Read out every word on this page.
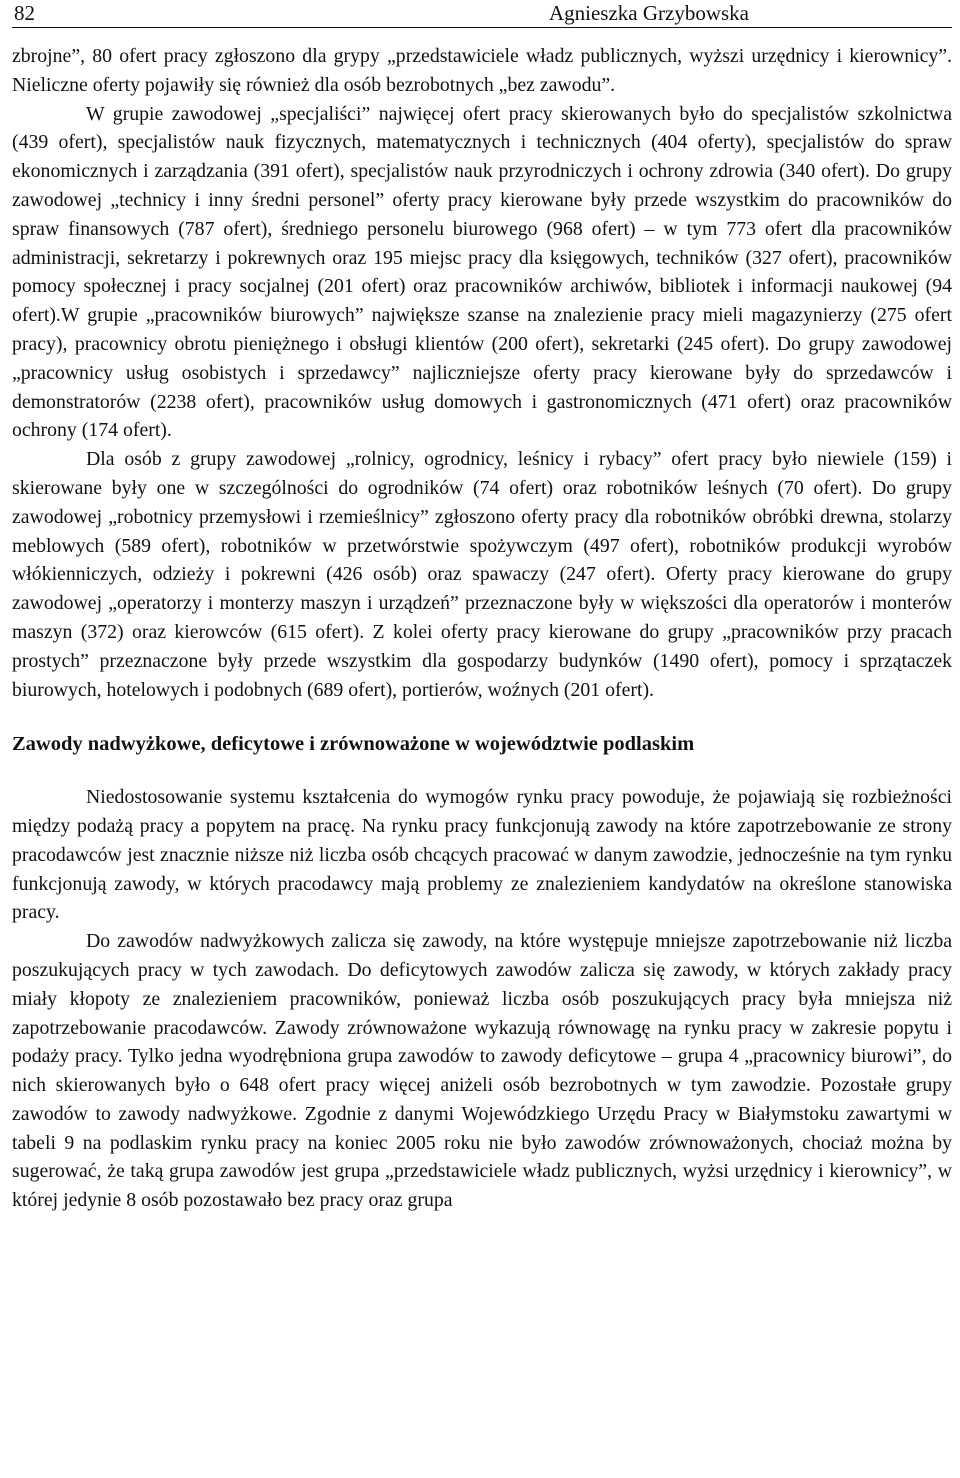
82	Agnieszka Grzybowska

zbrojne”, 80 ofert pracy zgłoszono dla grypy „przedstawiciele władz publicznych, wyższi urzędnicy i kierownicy”. Nieliczne oferty pojawiły się również dla osób bezrobotnych „bez zawodu”.

W grupie zawodowej „specjaliści” najwięcej ofert pracy skierowanych było do specjalistów szkolnictwa (439 ofert), specjalistów nauk fizycznych, matematycznych i technicznych (404 oferty), specjalistów do spraw ekonomicznych i zarządzania (391 ofert), specjalistów nauk przyrodniczych i ochrony zdrowia (340 ofert). Do grupy zawodowej „technicy i inny średni personel” oferty pracy kierowane były przede wszystkim do pracowników do spraw finansowych (787 ofert), średniego personelu biurowego (968 ofert) – w tym 773 ofert dla pracowników administracji, sekretarzy i pokrewnych oraz 195 miejsc pracy dla księgowych, techników (327 ofert), pracowników pomocy społecznej i pracy socjalnej (201 ofert) oraz pracowników archiwów, bibliotek i informacji naukowej (94 ofert).W grupie „pracowników biurowych” największe szanse na znalezienie pracy mieli magazynierzy (275 ofert pracy), pracownicy obrotu pieniężnego i obsługi klientów (200 ofert), sekretarki (245 ofert). Do grupy zawodowej „pracownicy usług osobistych i sprzedawcy” najliczniejsze oferty pracy kierowane były do sprzedawców i demonstratorów (2238 ofert), pracowników usług domowych i gastronomicznych (471 ofert) oraz pracowników ochrony (174 ofert).

Dla osób z grupy zawodowej „rolnicy, ogrodnicy, leśnicy i rybacy” ofert pracy było niewiele (159) i skierowane były one w szczególności do ogrodników (74 ofert) oraz robotników leśnych (70 ofert). Do grupy zawodowej „robotnicy przemysłowi i rzemieślnicy” zgłoszono oferty pracy dla robotników obróbki drewna, stolarzy meblowych (589 ofert), robotników w przetwórstwie spożywczym (497 ofert), robotników produkcji wyrobów włókienniczych, odzieży i pokrewni (426 osób) oraz spawaczy (247 ofert). Oferty pracy kierowane do grupy zawodowej „operatorzy i monterzy maszyn i urządzeń” przeznaczone były w większości dla operatorów i monterów maszyn (372) oraz kierowców (615 ofert). Z kolei oferty pracy kierowane do grupy „pracowników przy pracach prostych” przeznaczone były przede wszystkim dla gospodarzy budynków (1490 ofert), pomocy i sprzątaczek biurowych, hotelowych i podobnych (689 ofert), portierów, woźnych (201 ofert).

Zawody nadwyżkowe, deficytowe i zrównoważone w województwie podlaskim

Niedostosowanie systemu kształcenia do wymogów rynku pracy powoduje, że pojawiają się rozbieżności między podażą pracy a popytem na pracę. Na rynku pracy funkcjonują zawody na które zapotrzebowanie ze strony pracodawców jest znacznie niższe niż liczba osób chcących pracować w danym zawodzie, jednocześnie na tym rynku funkcjonują zawody, w których pracodawcy mają problemy ze znalezieniem kandydatów na określone stanowiska pracy.

Do zawodów nadwyżkowych zalicza się zawody, na które występuje mniejsze zapotrzebowanie niż liczba poszukujących pracy w tych zawodach. Do deficytowych zawodów zalicza się zawody, w których zakłady pracy miały kłopoty ze znalezieniem pracowników, ponieważ liczba osób poszukujących pracy była mniejsza niż zapotrzebowanie pracodawców. Zawody zrównoważone wykazują równowagę na rynku pracy w zakresie popytu i podaży pracy. Tylko jedna wyodrębniona grupa zawodów to zawody deficytowe – grupa 4 „pracownicy biurowi”, do nich skierowanych było o 648 ofert pracy więcej aniżeli osób bezrobotnych w tym zawodzie. Pozostałe grupy zawodów to zawody nadwyżkowe. Zgodnie z danymi Wojewódzkiego Urzędu Pracy w Białymstoku zawartymi w tabeli 9 na podlaskim rynku pracy na koniec 2005 roku nie było zawodów zrównoważonych, chociaż można by sugerować, że taką grupa zawodów jest grupa „przedstawiciele władz publicznych, wyżsi urzędnicy i kierownicy”, w której jedynie 8 osób pozostawało bez pracy oraz grupa
